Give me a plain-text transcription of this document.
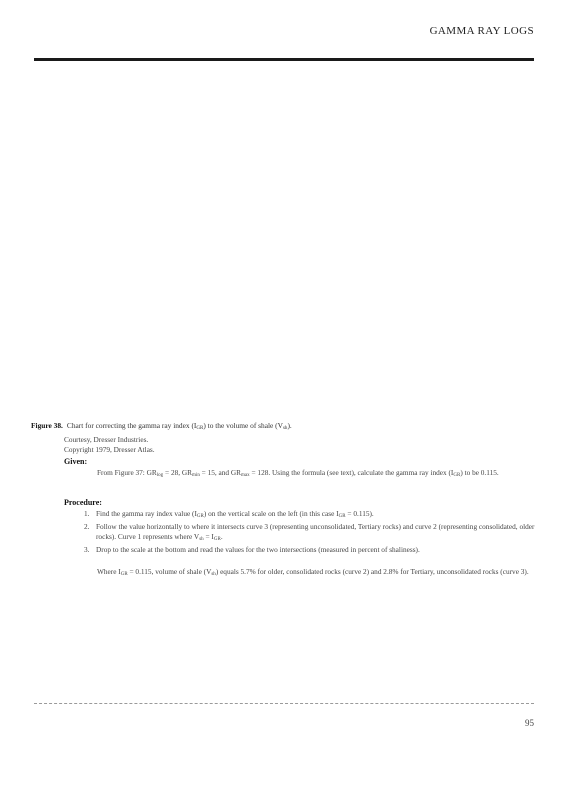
GAMMA RAY LOGS
Figure 38. Chart for correcting the gamma ray index $(I_{GR})$ to the volume of shale $(V_{sh})$.
Courtesy, Dresser Industries.
Copyright 1979, Dresser Atlas.
Given:
From Figure 37: $GR_{log} = 28$, $GR_{min} = 15$, and $GR_{max} = 128$. Using the formula (see text), calculate the gamma ray index $(I_{GR})$ to be 0.115.
Procedure:
1. Find the gamma ray index value $(I_{GR})$ on the vertical scale on the left (in this case $I_{GR} = 0.115$).
2. Follow the value horizontally to where it intersects curve 3 (representing unconsolidated, Tertiary rocks) and curve 2 (representing consolidated, older rocks). Curve 1 represents where $V_{sh} = I_{GR}$.
3. Drop to the scale at the bottom and read the values for the two intersections (measured in percent of shaliness).
Where $I_{GR} = 0.115$, volume of shale $(V_{sh})$ equals 5.7% for older, consolidated rocks (curve 2) and 2.8% for Tertiary, unconsolidated rocks (curve 3).
95
